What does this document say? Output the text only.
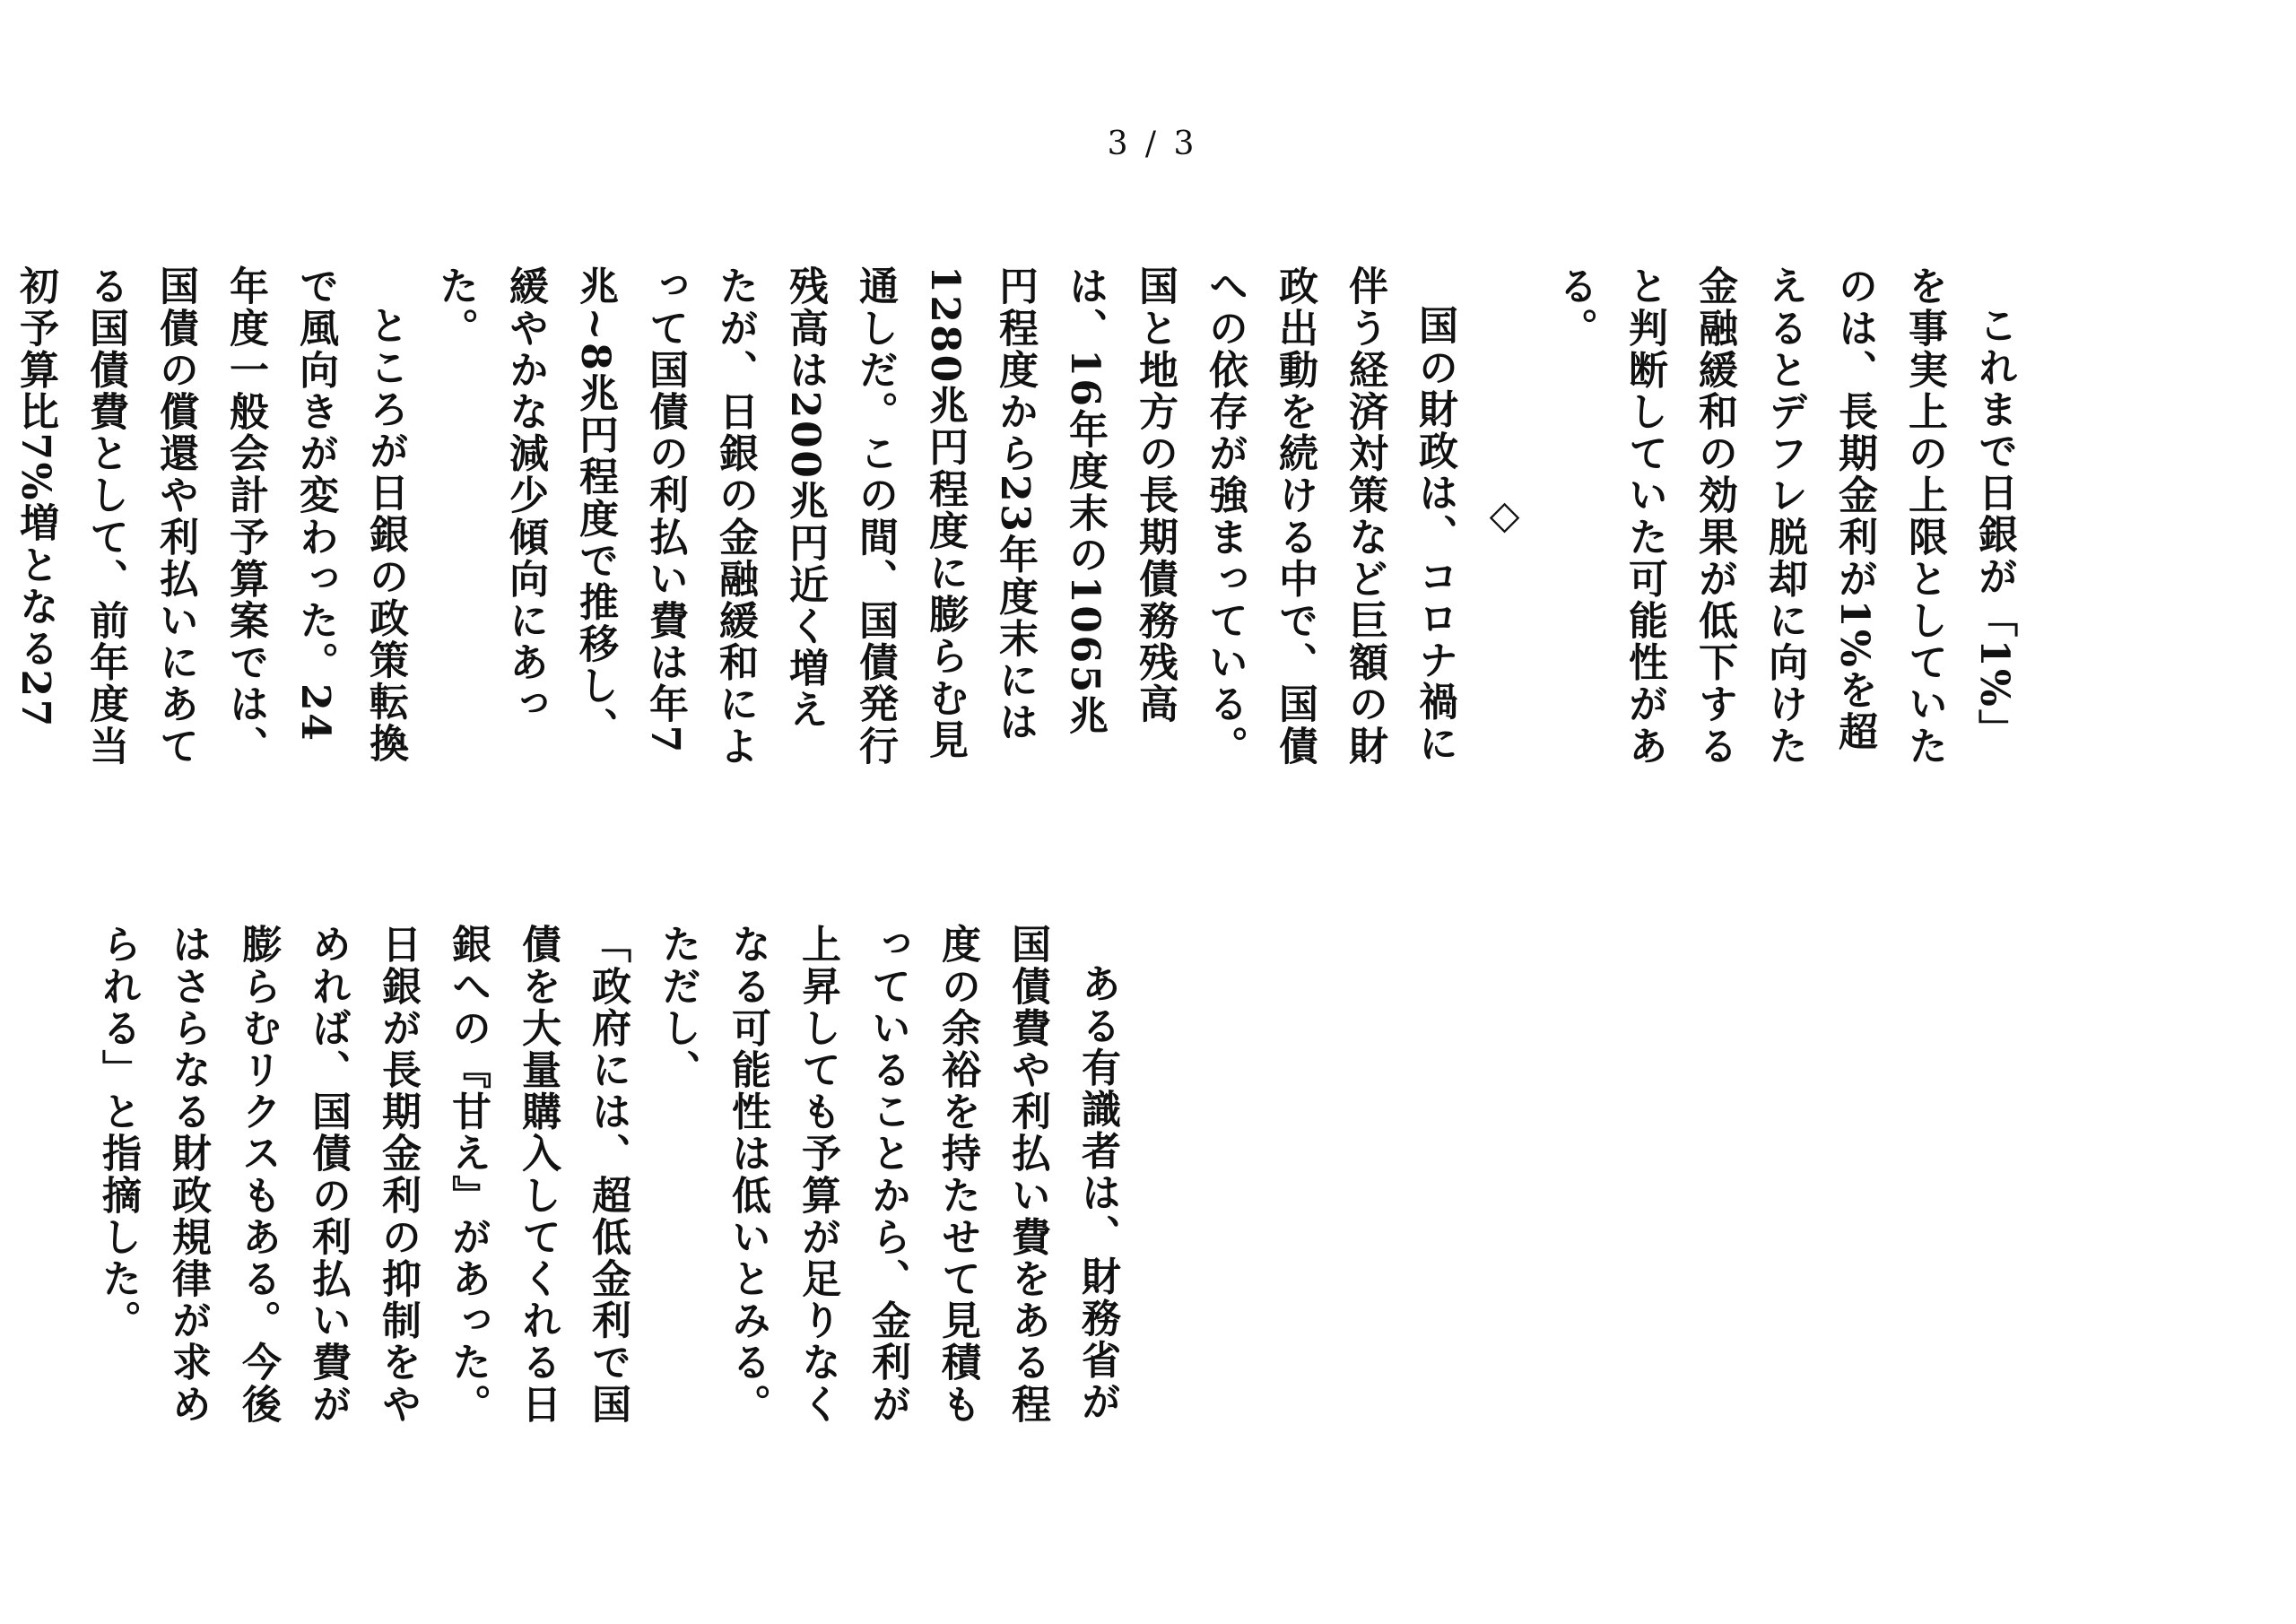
3 / 3

これまで日銀が「1%」を事実上の上限としていたのは、長期金利が1%を超えるとデフレ脱却に向けた金融緩和の効果が低下すると判断していた可能性がある。

◇

国の財政は、コロナ禍に伴う経済対策など巨額の財政出動を続ける中で、国債への依存が強まっている。国と地方の長期債務残高は、16年度末の1065兆円程度から23年度末には1280兆円程度に膨らむ見通しだ。この間、国債発行残高は200兆円近く増えたが、日銀の金融緩和によって国債の利払い費は年7兆~8兆円程度で推移し、緩やかな減少傾向にあった。

ところが日銀の政策転換で風向きが変わった。24年度一般会計予算案では、国債の償還や利払いにあてる国債費として、前年度当初予算比7%増となる27

ある有識者は、財務省が国債費や利払い費をある程度の余裕を持たせて見積もっていることから、金利が上昇しても予算が足りなくなる可能性は低いとみる。ただし、

「政府には、超低金利で国債を大量購入してくれる日銀への『甘え』があった。日銀が長期金利の抑制をやめれば、国債の利払い費が膨らむリクスもある。今後はさらなる財政規律が求められる」と指摘した。
